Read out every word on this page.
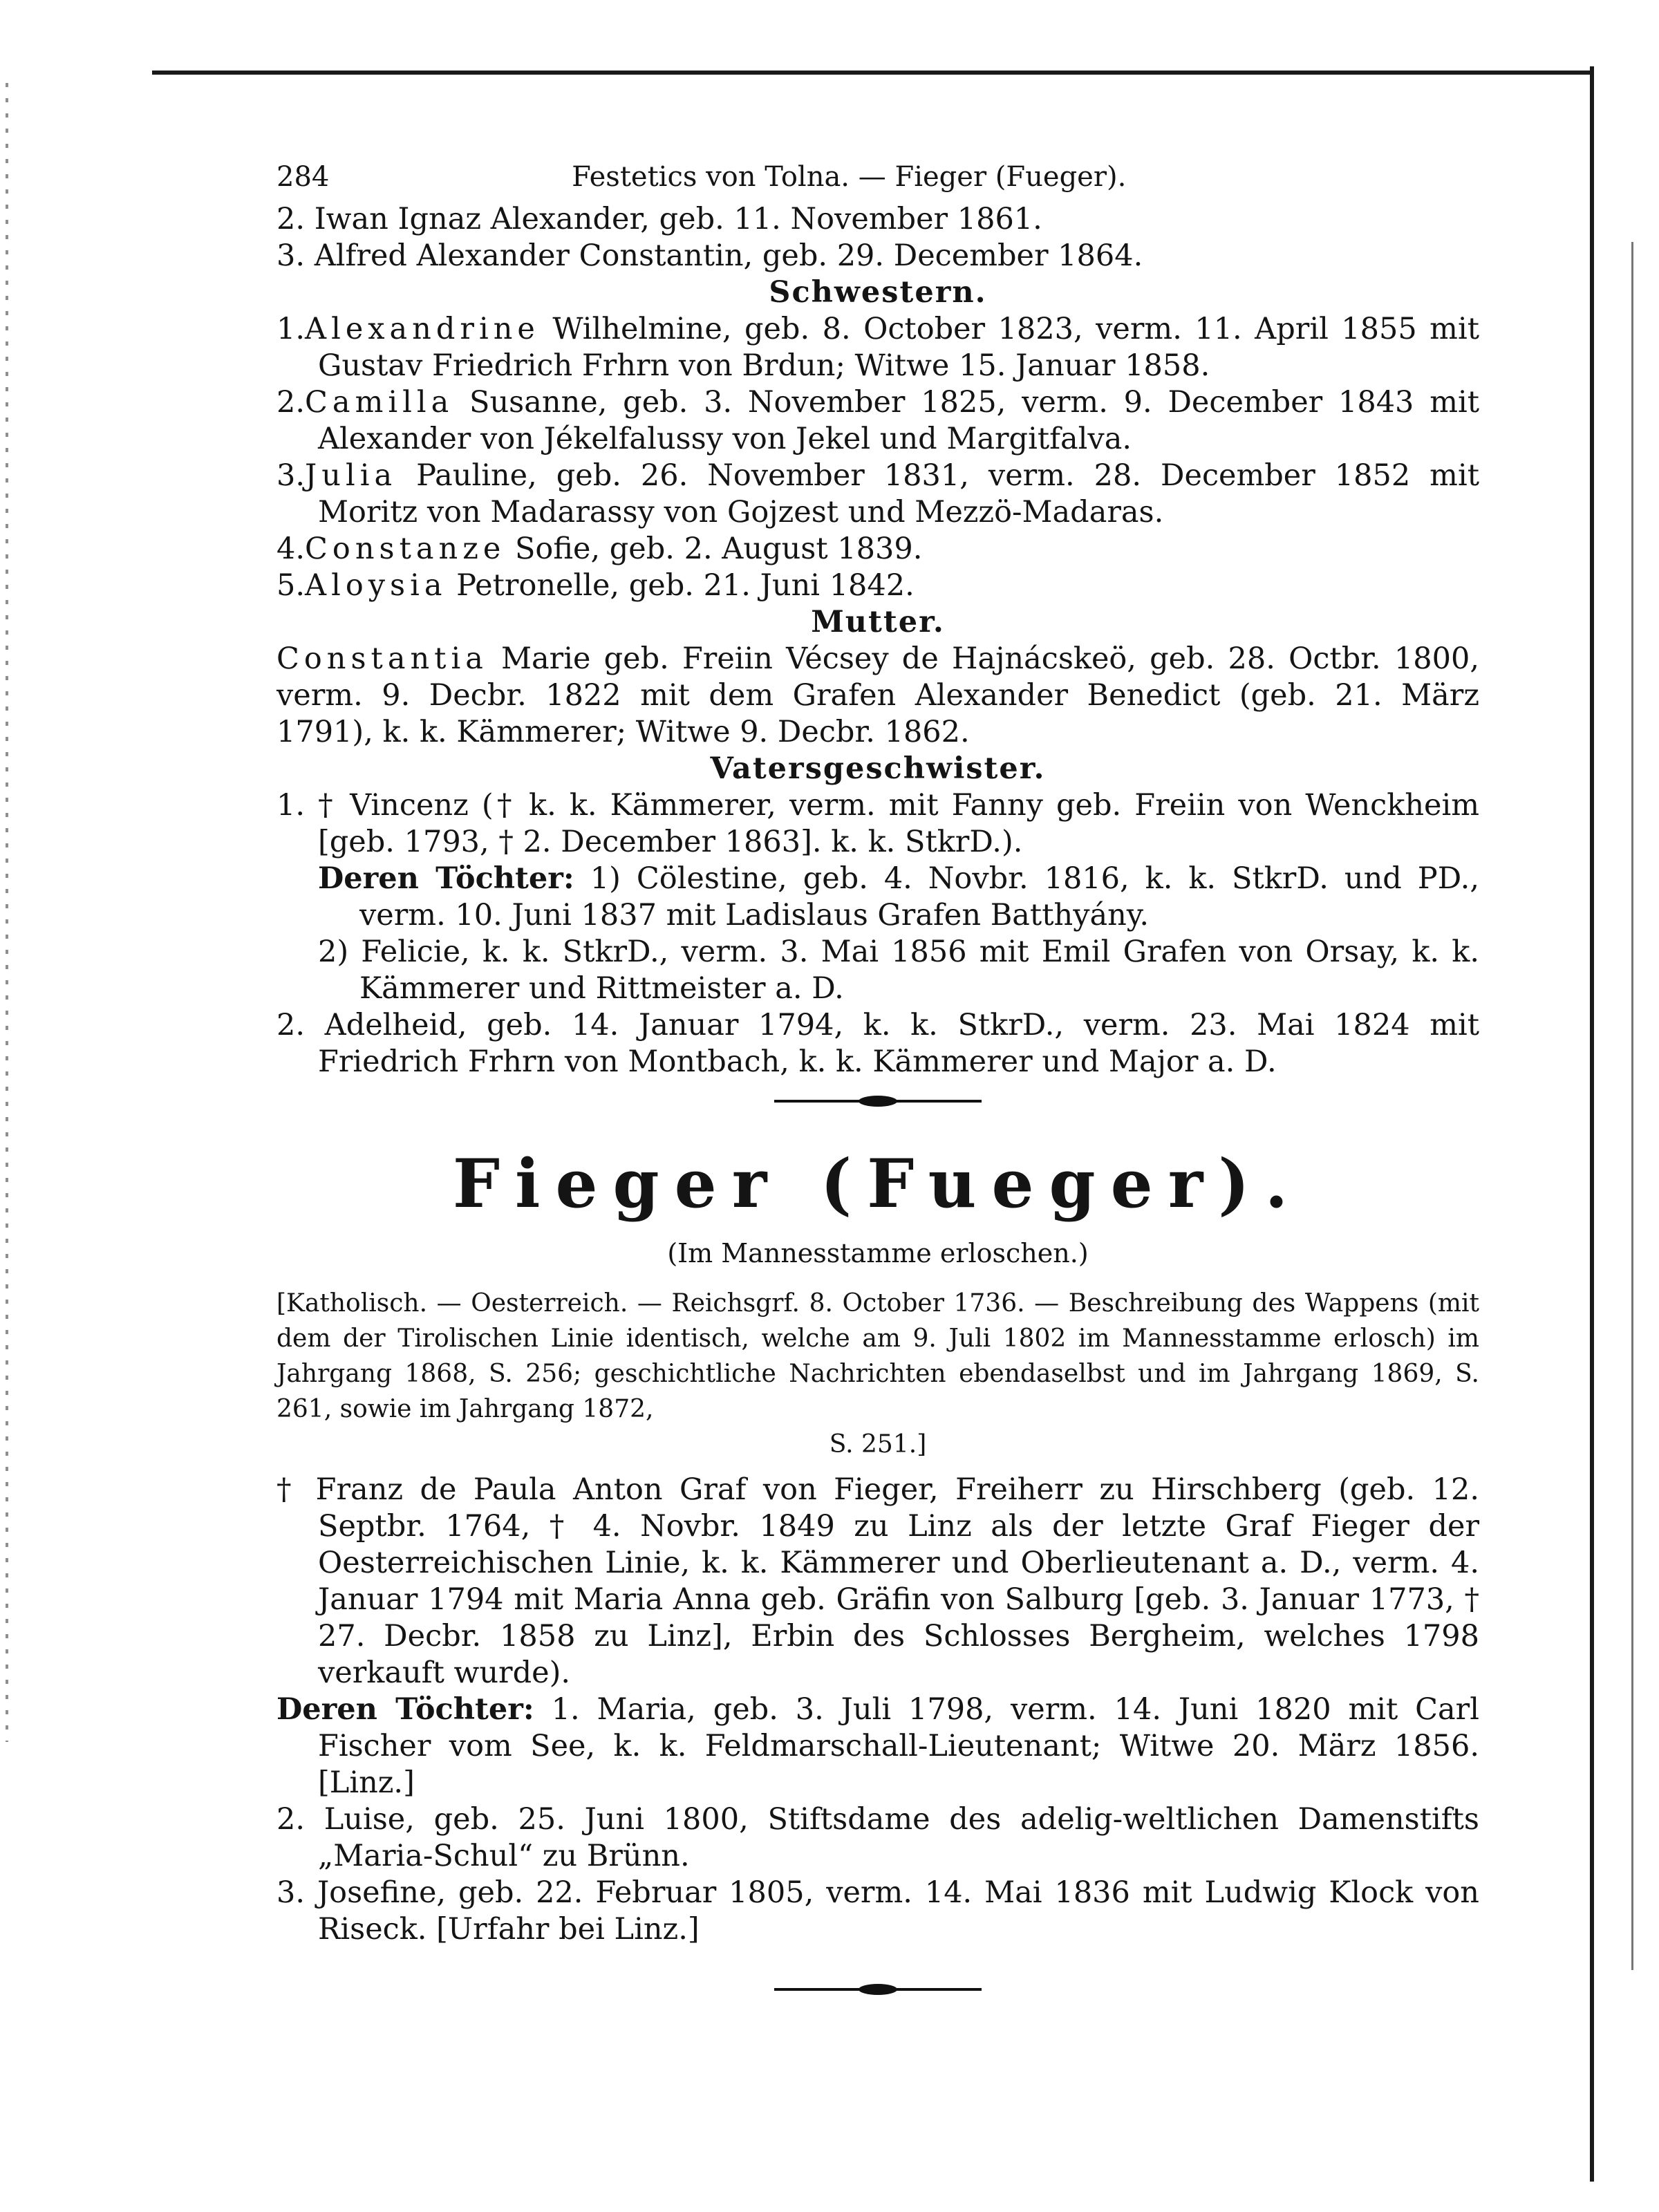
284	Festetics von Tolna. — Fieger (Fueger).

2. Iwan Ignaz Alexander, geb. 11. November 1861.

3. Alfred Alexander Constantin, geb. 29. December 1864.

Schwestern.

1.Alexandrine Wilhelmine, geb. 8. October 1823, verm. 11. April 1855 mit Gustav Friedrich Frhrn von Brdun; Witwe 15. Januar 1858.

2.Camilla Susanne, geb. 3. November 1825, verm. 9. December 1843 mit Alexander von Jékelfalussy von Jekel und Margitfalva.

3.Julia Pauline, geb. 26. November 1831, verm. 28. December 1852 mit Moritz von Madarassy von Gojzest und Mezzö-Madaras.

4.Constanze Sofie, geb. 2. August 1839.

5.Aloysia Petronelle, geb. 21. Juni 1842.

Mutter.

Constantia Marie geb. Freiin Vécsey de Hajnácskeö, geb. 28. Octbr. 1800, verm. 9. Decbr. 1822 mit dem Grafen Alexander Benedict (geb. 21. März 1791), k. k. Kämmerer; Witwe 9. Decbr. 1862.

Vatersgeschwister.

1. † Vincenz († k. k. Kämmerer, verm. mit Fanny geb. Freiin von Wenckheim [geb. 1793, † 2. December 1863]. k. k. StkrD.).

Deren Töchter: 1) Cölestine, geb. 4. Novbr. 1816, k. k. StkrD. und PD., verm. 10. Juni 1837 mit Ladislaus Grafen Batthyány.

2) Felicie, k. k. StkrD., verm. 3. Mai 1856 mit Emil Grafen von Orsay, k. k. Kämmerer und Rittmeister a. D.

2. Adelheid, geb. 14. Januar 1794, k. k. StkrD., verm. 23. Mai 1824 mit Friedrich Frhrn von Montbach, k. k. Kämmerer und Major a. D.

Fieger (Fueger).
(Im Mannesstamme erloschen.)
[Katholisch. — Oesterreich. — Reichsgrf. 8. October 1736. — Beschreibung des Wappens (mit dem der Tirolischen Linie identisch, welche am 9. Juli 1802 im Mannesstamme erlosch) im Jahrgang 1868, S. 256; geschichtliche Nachrichten ebendaselbst und im Jahrgang 1869, S. 261, sowie im Jahrgang 1872,
S. 251.]

† Franz de Paula Anton Graf von Fieger, Freiherr zu Hirschberg (geb. 12. Septbr. 1764, † 4. Novbr. 1849 zu Linz als der letzte Graf Fieger der Oesterreichischen Linie, k. k. Kämmerer und Oberlieutenant a. D., verm. 4. Januar 1794 mit Maria Anna geb. Gräfin von Salburg [geb. 3. Januar 1773, † 27. Decbr. 1858 zu Linz], Erbin des Schlosses Bergheim, welches 1798 verkauft wurde).

Deren Töchter: 1. Maria, geb. 3. Juli 1798, verm. 14. Juni 1820 mit Carl Fischer vom See, k. k. Feldmarschall-Lieutenant; Witwe 20. März 1856. [Linz.]

2. Luise, geb. 25. Juni 1800, Stiftsdame des adelig-weltlichen Damenstifts „Maria-Schul“ zu Brünn.

3. Josefine, geb. 22. Februar 1805, verm. 14. Mai 1836 mit Ludwig Klock von Riseck. [Urfahr bei Linz.]
